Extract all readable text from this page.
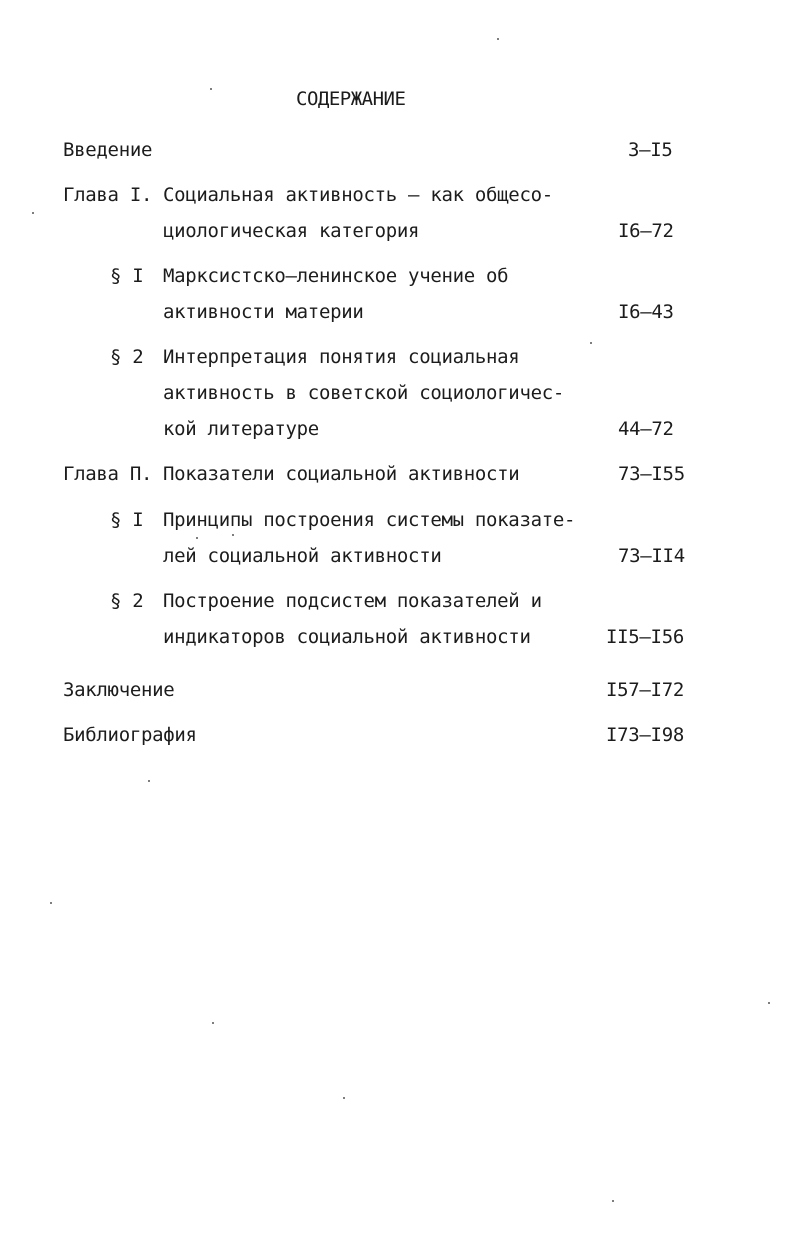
СОДЕРЖАНИЕ
Введение	3–I5
Глава I. Социальная активность – как общесо-
циологическая категория	I6–72
§ I Марксистско–ленинское учение об
активности материи	I6–43
§ 2 Интерпретация понятия социальная
активность в советской социологичес-
кой литературе	44–72
Глава П. Показатели социальной активности	73–I55
§ I Принципы построения системы показате-
лей социальной активности	73–II4
§ 2 Построение подсистем показателей и
индикаторов социальной активности	II5–I56
Заключение	I57–I72
Библиография	I73–I98
